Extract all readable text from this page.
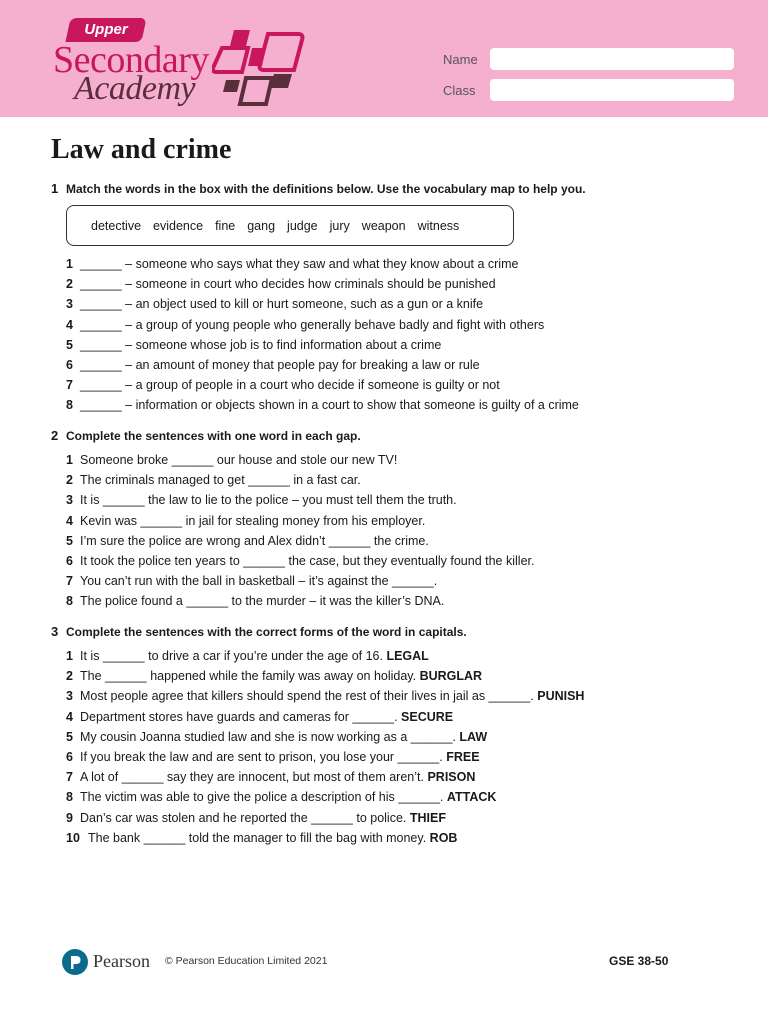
Upper
Secondary
Academy
Name
Class
Law and crime
1 Match the words in the box with the definitions below. Use the vocabulary map to help you.
detective evidence fine gang judge jury weapon witness
1 ______ – someone who says what they saw and what they know about a crime
2 ______ – someone in court who decides how criminals should be punished
3 ______ – an object used to kill or hurt someone, such as a gun or a knife
4 ______ – a group of young people who generally behave badly and fight with others
5 ______ – someone whose job is to find information about a crime
6 ______ – an amount of money that people pay for breaking a law or rule
7 ______ – a group of people in a court who decide if someone is guilty or not
8 ______ – information or objects shown in a court to show that someone is guilty of a crime
2 Complete the sentences with one word in each gap.
1 Someone broke ______ our house and stole our new TV!
2 The criminals managed to get ______ in a fast car.
3 It is ______ the law to lie to the police – you must tell them the truth.
4 Kevin was ______ in jail for stealing money from his employer.
5 I’m sure the police are wrong and Alex didn’t ______ the crime.
6 It took the police ten years to ______ the case, but they eventually found the killer.
7 You can’t run with the ball in basketball – it’s against the ______.
8 The police found a ______ to the murder – it was the killer’s DNA.
3 Complete the sentences with the correct forms of the word in capitals.
1 It is ______ to drive a car if you’re under the age of 16. LEGAL
2 The ______ happened while the family was away on holiday. BURGLAR
3 Most people agree that killers should spend the rest of their lives in jail as ______. PUNISH
4 Department stores have guards and cameras for ______. SECURE
5 My cousin Joanna studied law and she is now working as a ______. LAW
6 If you break the law and are sent to prison, you lose your ______. FREE
7 A lot of ______ say they are innocent, but most of them aren’t. PRISON
8 The victim was able to give the police a description of his ______. ATTACK
9 Dan’s car was stolen and he reported the ______ to police. THIEF
10 The bank ______ told the manager to fill the bag with money. ROB
Pearson © Pearson Education Limited 2021	GSE 38-50
